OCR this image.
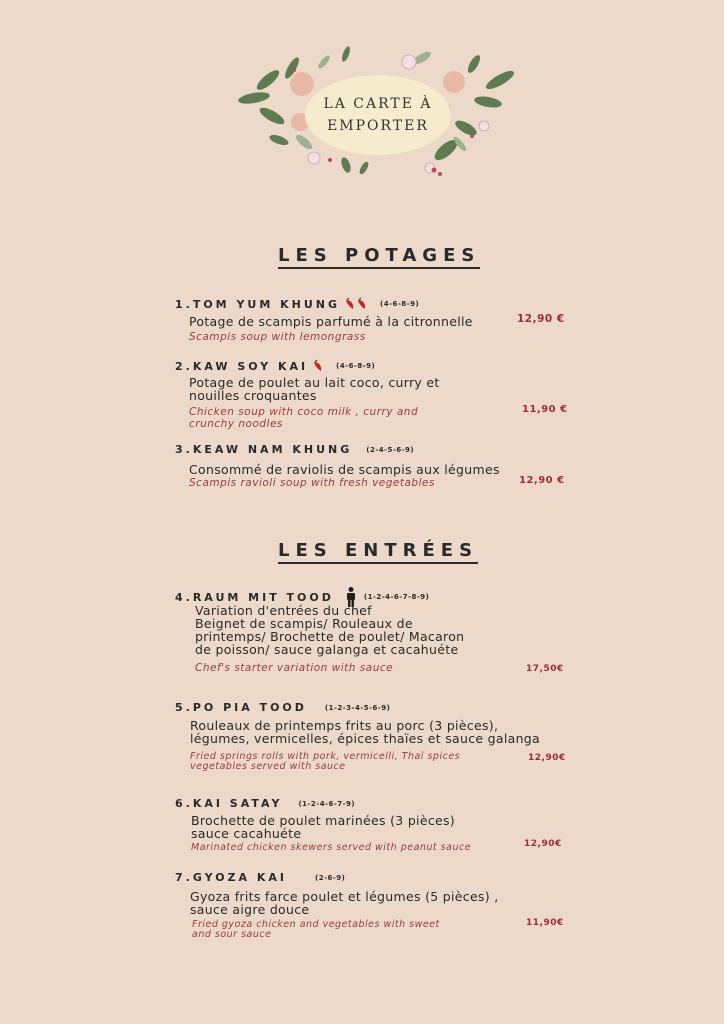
LA CARTE À
EMPORTER
LES POTAGES
1.TOM YUM KHUNG	(4-6-8-9)
Potage de scampis parfumé à la citronnelle
Scampis soup with lemongrass
12,90 €
2.KAW SOY KAI	(4-6-8-9)
Potage de poulet au lait coco, curry et
nouilles croquantes
Chicken soup with coco milk , curry and
crunchy noodles
11,90 €
3.KEAW NAM KHUNG (2-4-5-6-9)
Consommé de raviolis de scampis aux légumes
Scampis ravioli soup with fresh vegetables	12,90 €
LES ENTRÉES
4.RAUM MIT TOOD	(1-2-4-6-7-8-9)
Variation d'entrées du chef
Beignet de scampis/ Rouleaux de
printemps/ Brochette de poulet/ Macaron
de poisson/ sauce galanga et cacahuéte
Chef's starter variation with sauce	17,50€
5.PO PIA TOOD	(1-2-3-4-5-6-9)
Rouleaux de printemps frits au porc (3 pièces),
légumes, vermicelles, épices thaïes et sauce galanga
Fried springs rolls with pork, vermicelli, Thaï spices
vegetables served with sauce
12,90€
6.KAI SATAY (1-2-4-6-7-9)
Brochette de poulet marinées (3 pièces)
sauce cacahuéte
Marinated chicken skewers served with peanut sauce	12,90€
7.GYOZA KAI	(2-6-9)
Gyoza frits farce poulet et légumes (5 pièces) ,
sauce aigre douce
Fried gyoza chicken and vegetables with sweet
and sour sauce
11,90€
